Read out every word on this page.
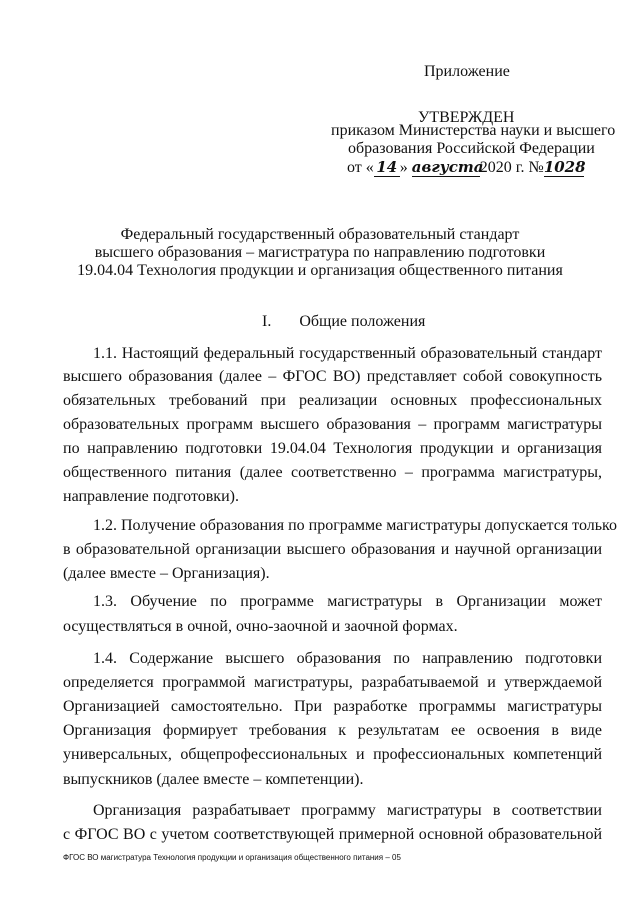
Приложение
УТВЕРЖДЕН
приказом Министерства науки и высшего
образования Российской Федерации
от « 14 » августа2020 г. №1028
Федеральный государственный образовательный стандарт
высшего образования – магистратура по направлению подготовки
19.04.04 Технология продукции и организация общественного питания
I. Общие положения
1.1. Настоящий федеральный государственный образовательный стандарт
высшего образования (далее – ФГОС ВО) представляет собой совокупность
обязательных требований при реализации основных профессиональных
образовательных программ высшего образования – программ магистратуры
по направлению подготовки 19.04.04 Технология продукции и организация
общественного питания (далее соответственно – программа магистратуры,
направление подготовки).
1.2. Получение образования по программе магистратуры допускается только
в образовательной организации высшего образования и научной организации
(далее вместе – Организация).
1.3. Обучение по программе магистратуры в Организации может
осуществляться в очной, очно-заочной и заочной формах.
1.4. Содержание высшего образования по направлению подготовки
определяется программой магистратуры, разрабатываемой и утверждаемой
Организацией самостоятельно. При разработке программы магистратуры
Организация формирует требования к результатам ее освоения в виде
универсальных, общепрофессиональных и профессиональных компетенций
выпускников (далее вместе – компетенции).
Организация разрабатывает программу магистратуры в соответствии
с ФГОС ВО с учетом соответствующей примерной основной образовательной
ФГОС ВО магистратура Технология продукции и организация общественного питания – 05
